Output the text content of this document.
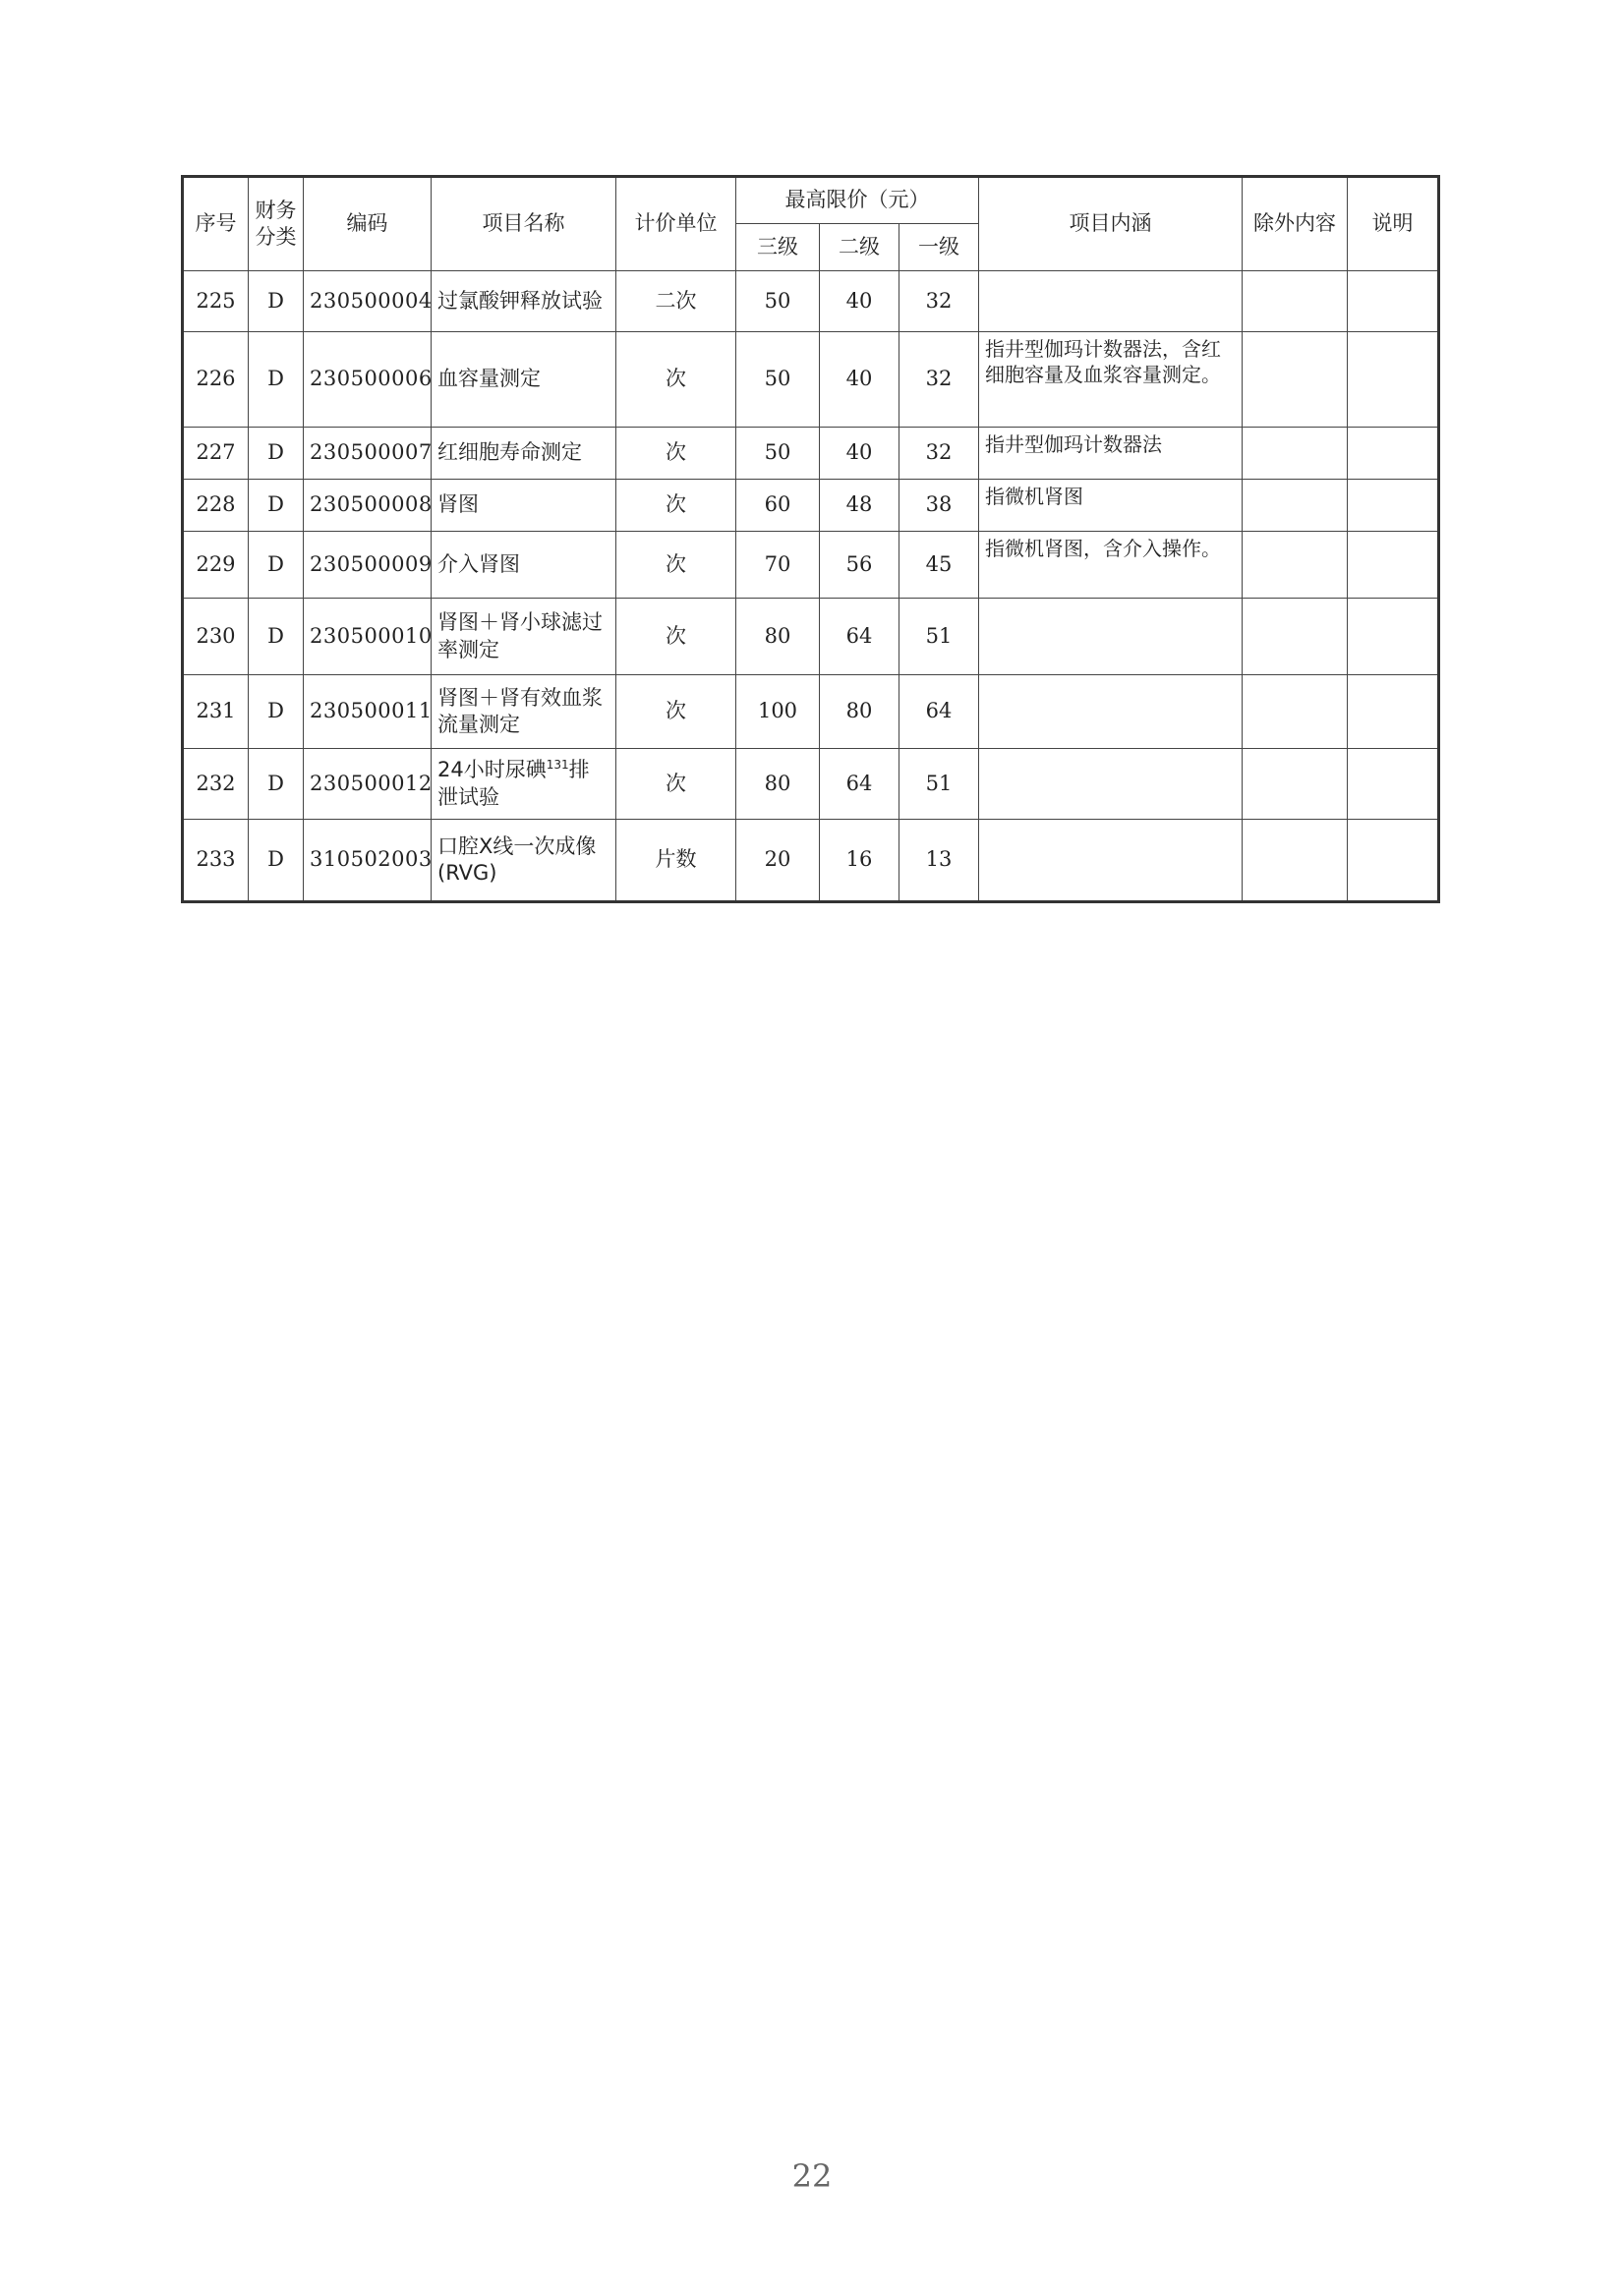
序号	财务分类	编码	项目名称	计价单位	最高限价（元）			项目内涵	除外内容	说明
					三级	二级	一级			
225	D	230500004	过氯酸钾释放试验	二次	50	40	32			
226	D	230500006	血容量测定	次	50	40	32	指井型伽玛计数器法，含红细胞容量及血浆容量测定。		
227	D	230500007	红细胞寿命测定	次	50	40	32	指井型伽玛计数器法		
228	D	230500008	肾图	次	60	48	38	指微机肾图		
229	D	230500009	介入肾图	次	70	56	45	指微机肾图，含介入操作。		
230	D	230500010	肾图＋肾小球滤过率测定	次	80	64	51			
231	D	230500011	肾图＋肾有效血浆流量测定	次	100	80	64			
232	D	230500012	24小时尿碘$^{131}$排泄试验	次	80	64	51			
233	D	310502003	口腔X线一次成像(RVG)	片数	20	16	13			
22
